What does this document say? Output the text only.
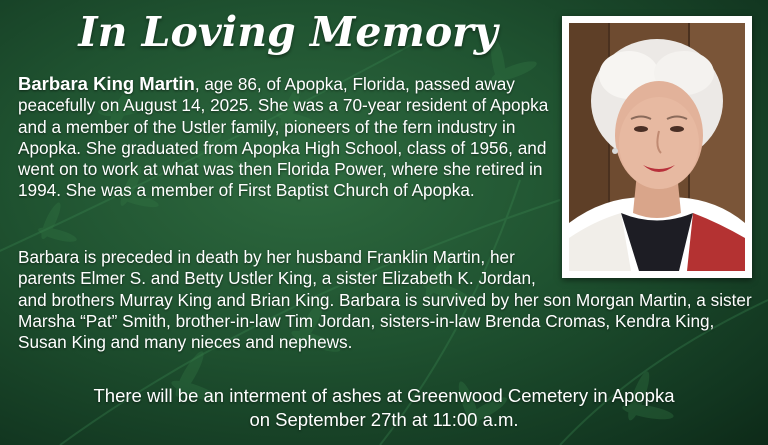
In Loving Memory
Barbara King Martin, age 86, of Apopka, Florida, passed away peacefully on August 14, 2025. She was a 70-year resident of Apopka and a member of the Ustler family, pioneers of the fern industry in Apopka. She graduated from Apopka High School, class of 1956, and went on to work at what was then Florida Power, where she retired in 1994. She was a member of First Baptist Church of Apopka.
Barbara is preceded in death by her husband Franklin Martin, her parents Elmer S. and Betty Ustler King, a sister Elizabeth K. Jordan, and brothers Murray King and Brian King. Barbara is survived by her son Morgan Martin, a sister Marsha “Pat” Smith, brother-in-law Tim Jordan, sisters-in-law Brenda Cromas, Kendra King, Susan King and many nieces and nephews.
There will be an interment of ashes at Greenwood Cemetery in Apopka
on September 27th at 11:00 a.m.
